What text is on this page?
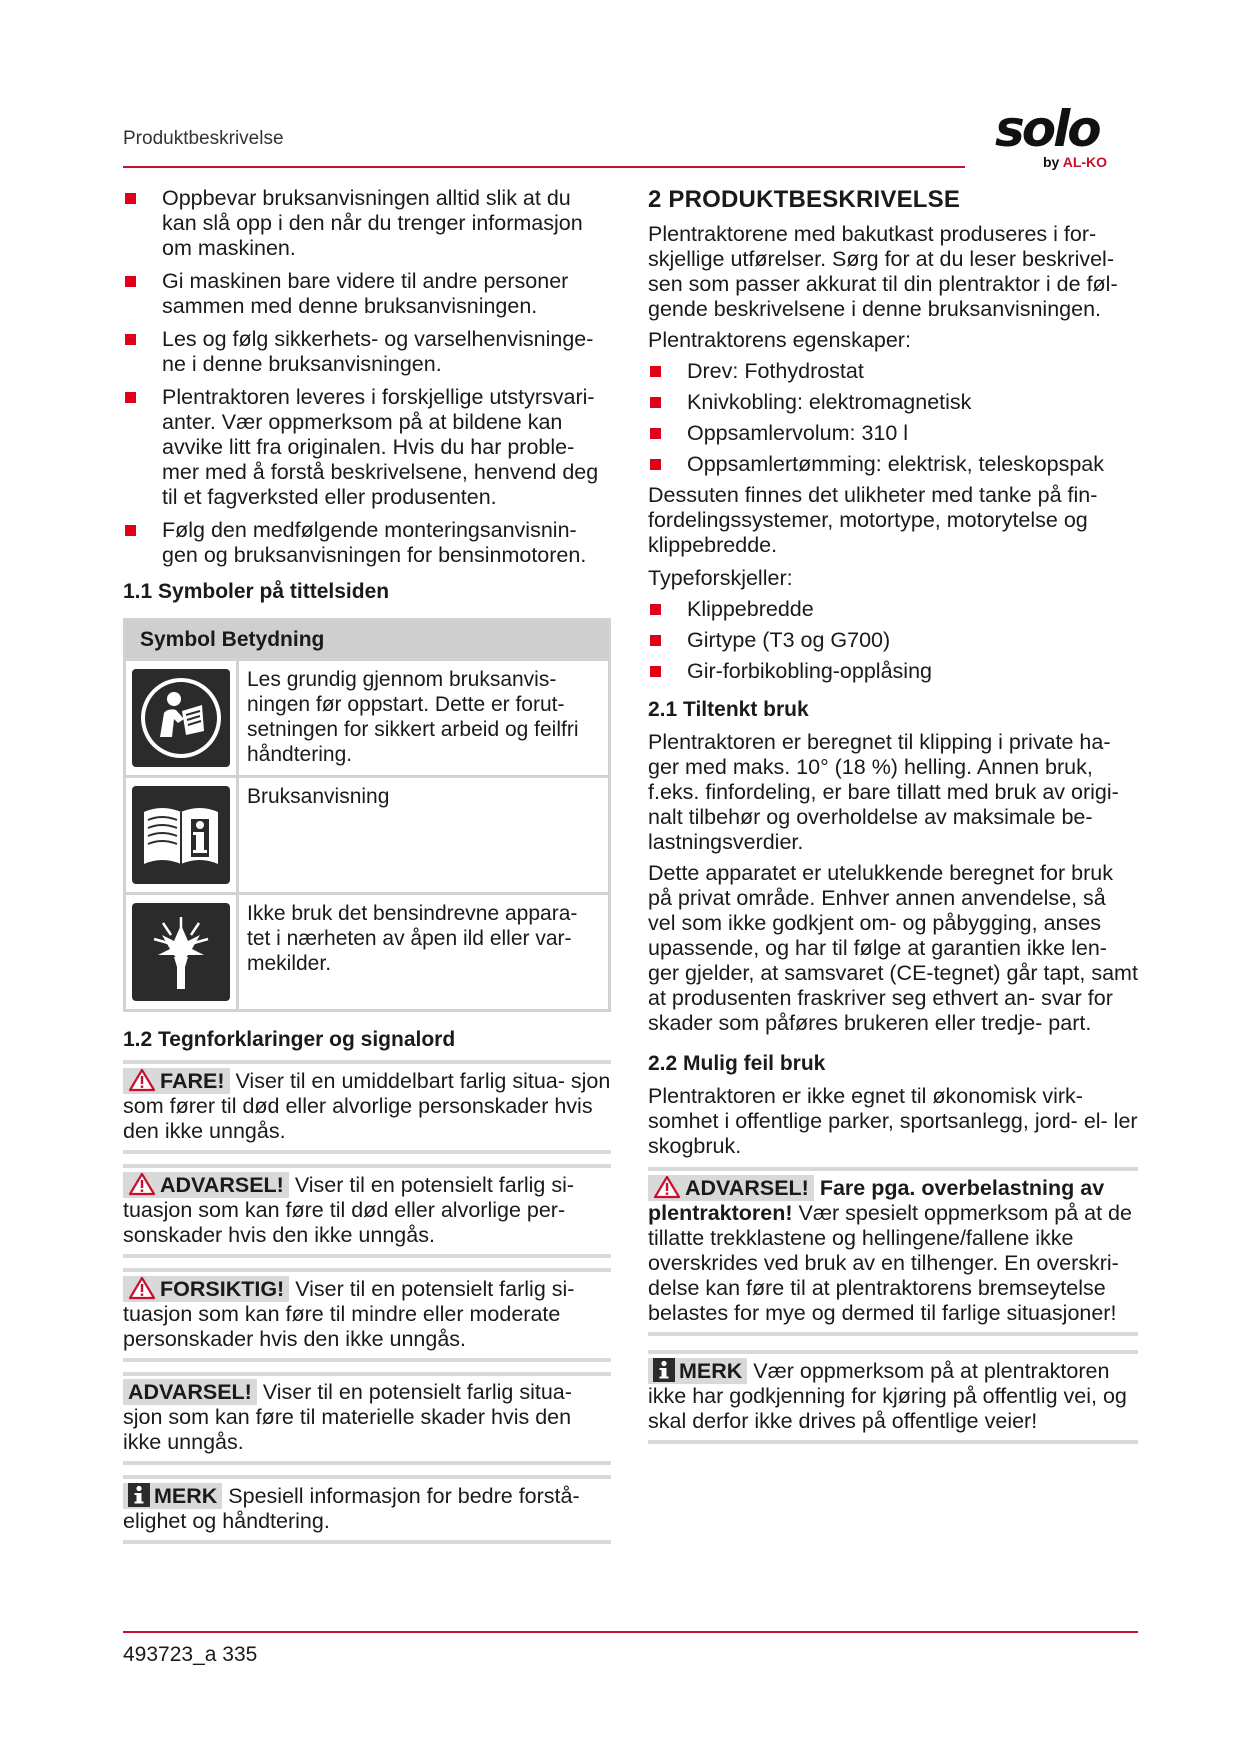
Produktbeskrivelse	solo
by AL-KO
Oppbevar bruksanvisningen alltid slik at du kan slå opp i den når du trenger informasjon om maskinen.
Gi maskinen bare videre til andre personer sammen med denne bruksanvisningen.
Les og følg sikkerhets- og varselhenvisninge- ne i denne bruksanvisningen.
Plentraktoren leveres i forskjellige utstyrsvari- anter. Vær oppmerksom på at bildene kan avvike litt fra originalen. Hvis du har proble- mer med å forstå beskrivelsene, henvend deg til et fagverksted eller produsenten.
Følg den medfølgende monteringsanvisnin- gen og bruksanvisningen for bensinmotoren.
1.1 Symboler på tittelsiden
Symbol Betydning	

	Les grundig gjennom bruksanvis- ningen før oppstart. Dette er forut- setningen for sikkert arbeid og feilfri håndtering.

	Bruksanvisning

	Ikke bruk det bensindrevne appara- tet i nærheten av åpen ild eller var- mekilder.
1.2 Tegnforklaringer og signalord
FARE! Viser til en umiddelbart farlig situa- sjon som fører til død eller alvorlige personskader hvis den ikke unngås.
ADVARSEL! Viser til en potensielt farlig si- tuasjon som kan føre til død eller alvorlige per- sonskader hvis den ikke unngås.
FORSIKTIG! Viser til en potensielt farlig si- tuasjon som kan føre til mindre eller moderate personskader hvis den ikke unngås.
ADVARSEL! Viser til en potensielt farlig situa- sjon som kan føre til materielle skader hvis den ikke unngås.
MERK Spesiell informasjon for bedre forstå- elighet og håndtering.
2 PRODUKTBESKRIVELSE

Plentraktorene med bakutkast produseres i for- skjellige utførelser. Sørg for at du leser beskrivel- sen som passer akkurat til din plentraktor i de føl- gende beskrivelsene i denne bruksanvisningen.

Plentraktorens egenskaper:

Drev: Fothydrostat
Knivkobling: elektromagnetisk
Oppsamlervolum: 310 l
Oppsamlertømming: elektrisk, teleskopspak

Dessuten finnes det ulikheter med tanke på fin- fordelingssystemer, motortype, motorytelse og klippebredde.

Typeforskjeller:

Klippebredde
Girtype (T3 og G700)
Gir-forbikobling-opplåsing
2.1 Tiltenkt bruk

Plentraktoren er beregnet til klipping i private ha- ger med maks. 10° (18 %) helling. Annen bruk, f.eks. finfordeling, er bare tillatt med bruk av origi- nalt tilbehør og overholdelse av maksimale be- lastningsverdier.

Dette apparatet er utelukkende beregnet for bruk på privat område. Enhver annen anvendelse, så vel som ikke godkjent om- og påbygging, anses upassende, og har til følge at garantien ikke len- ger gjelder, at samsvaret (CE-tegnet) går tapt, samt at produsenten fraskriver seg ethvert an- svar for skader som påføres brukeren eller tredje- part.

2.2 Mulig feil bruk

Plentraktoren er ikke egnet til økonomisk virk- somhet i offentlige parker, sportsanlegg, jord- el- ler skogbruk.

ADVARSEL! Fare pga. overbelastning av plentraktoren! Vær spesielt oppmerksom på at de tillatte trekklastene og hellingene/fallene ikke overskrides ved bruk av en tilhenger. En overskri- delse kan føre til at plentraktorens bremseytelse belastes for mye og dermed til farlige situasjoner!
MERK Vær oppmerksom på at plentraktoren ikke har godkjenning for kjøring på offentlig vei, og skal derfor ikke drives på offentlige veier!
493723_a 335
